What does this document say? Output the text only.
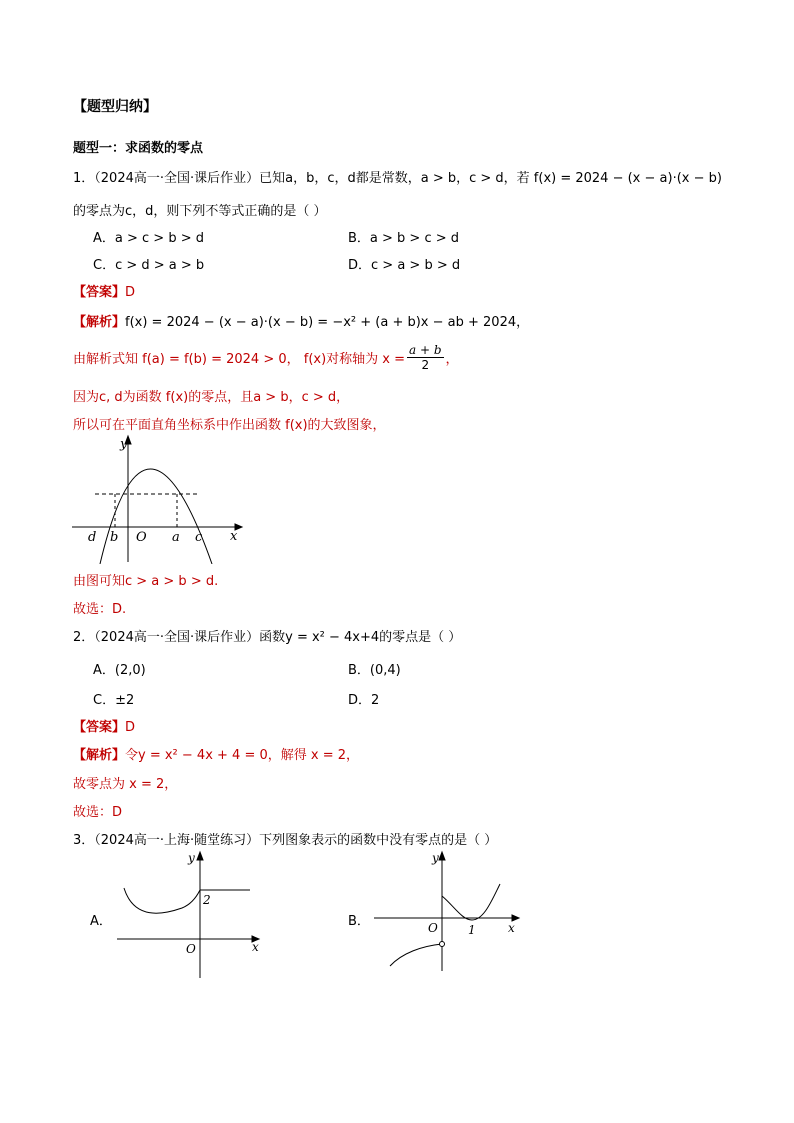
【题型归纳】
题型一：求函数的零点
1．（2024高一·全国·课后作业）已知a，b，c，d都是常数，a > b，c > d，若 f(x) = 2024 − (x − a)·(x − b)
的零点为c，d，则下列不等式正确的是（ ）
A．a > c > b > d	B．a > b > c > d
C．c > d > a > b	D．c > a > b > d
【答案】D
【解析】f(x) = 2024 − (x − a)·(x − b) = −x² + (a + b)x − ab + 2024，
由解析式知 f(a) = f(b) = 2024 > 0， f(x)对称轴为 $x = \frac{a + b}{2}$ ，
因为c, d为函数 f(x)的零点，且a > b，c > d，
所以可在平面直角坐标系中作出函数 f(x)的大致图象，
y
x
O
d b	a c
由图可知c > a > b > d.
故选：D.
2．（2024高一·全国·课后作业）函数y = x² − 4x+4的零点是（ ）
A．(2,0)	B．(0,4)
C．±2	D．2
【答案】D
【解析】令y = x² − 4x + 4 = 0，解得 x = 2，
故零点为 x = 2，
故选：D
3．（2024高一·上海·随堂练习）下列图象表示的函数中没有零点的是（ ）
A．
y
x
O
2
B．
y
x
O	1
